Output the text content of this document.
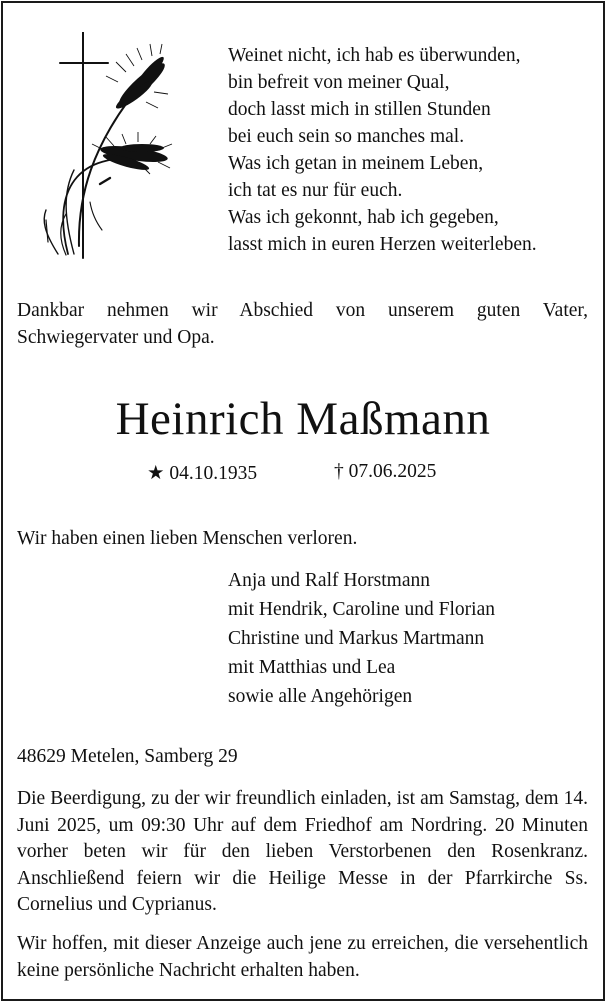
Weinet nicht, ich hab es überwunden,
bin befreit von meiner Qual,
doch lasst mich in stillen Stunden
bei euch sein so manches mal.
Was ich getan in meinem Leben,
ich tat es nur für euch.
Was ich gekonnt, hab ich gegeben,
lasst mich in euren Herzen weiterleben.
Dankbar nehmen wir Abschied von unserem guten Vater, Schwiegervater und Opa.
Heinrich Maßmann
★ 04.10.1935	† 07.06.2025
Wir haben einen lieben Menschen verloren.
Anja und Ralf Horstmann
mit Hendrik, Caroline und Florian
Christine und Markus Martmann
mit Matthias und Lea
sowie alle Angehörigen
48629 Metelen, Samberg 29
Die Beerdigung, zu der wir freundlich einladen, ist am Samstag, dem 14. Juni 2025, um 09:30 Uhr auf dem Friedhof am Nordring. 20 Minuten vorher beten wir für den lieben Verstorbenen den Rosenkranz. Anschließend feiern wir die Heilige Messe in der Pfarrkirche Ss. Cornelius und Cyprianus.
Wir hoffen, mit dieser Anzeige auch jene zu erreichen, die versehentlich keine persönliche Nachricht erhalten haben.
